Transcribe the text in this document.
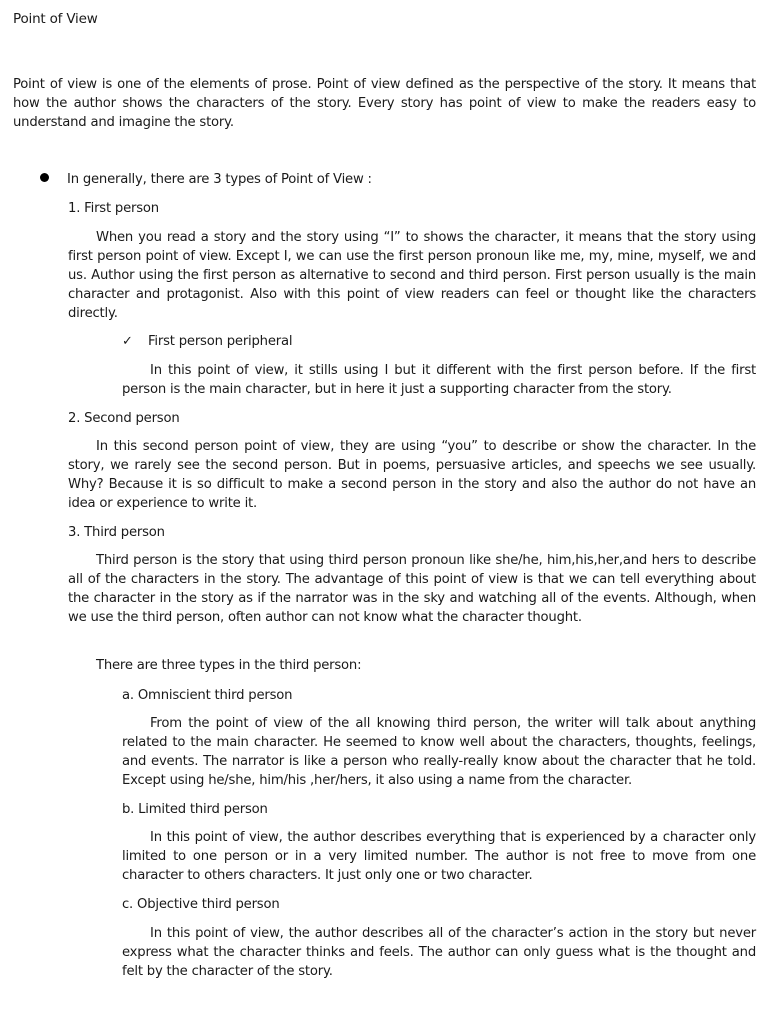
Point of View
Point of view is one of the elements of prose. Point of view defined as the perspective of the story. It means that how the author shows the characters of the story. Every story has point of view to make the readers easy to understand and imagine the story.
In generally, there are 3 types of Point of View :
1. First person
When you read a story and the story using “I” to shows the character, it means that the story using first person point of view. Except I, we can use the first person pronoun like me, my, mine, myself, we and us. Author using the first person as alternative to second and third person. First person usually is the main character and protagonist. Also with this point of view readers can feel or thought like the characters directly.
✓ First person peripheral
In this point of view, it stills using I but it different with the first person before. If the first person is the main character, but in here it just a supporting character from the story.
2. Second person
In this second person point of view, they are using “you” to describe or show the character. In the story, we rarely see the second person. But in poems, persuasive articles, and speechs we see usually. Why? Because it is so difficult to make a second person in the story and also the author do not have an idea or experience to write it.
3. Third person
Third person is the story that using third person pronoun like she/he, him,his,her,and hers to describe all of the characters in the story. The advantage of this point of view is that we can tell everything about the character in the story as if the narrator was in the sky and watching all of the events. Although, when we use the third person, often author can not know what the character thought.
There are three types in the third person:
a. Omniscient third person
From the point of view of the all knowing third person, the writer will talk about anything related to the main character. He seemed to know well about the characters, thoughts, feelings, and events. The narrator is like a person who really-really know about the character that he told. Except using he/she, him/his ,her/hers, it also using a name from the character.
b. Limited third person
In this point of view, the author describes everything that is experienced by a character only limited to one person or in a very limited number. The author is not free to move from one character to others characters. It just only one or two character.
c. Objective third person
In this point of view, the author describes all of the character’s action in the story but never express what the character thinks and feels. The author can only guess what is the thought and felt by the character of the story.
